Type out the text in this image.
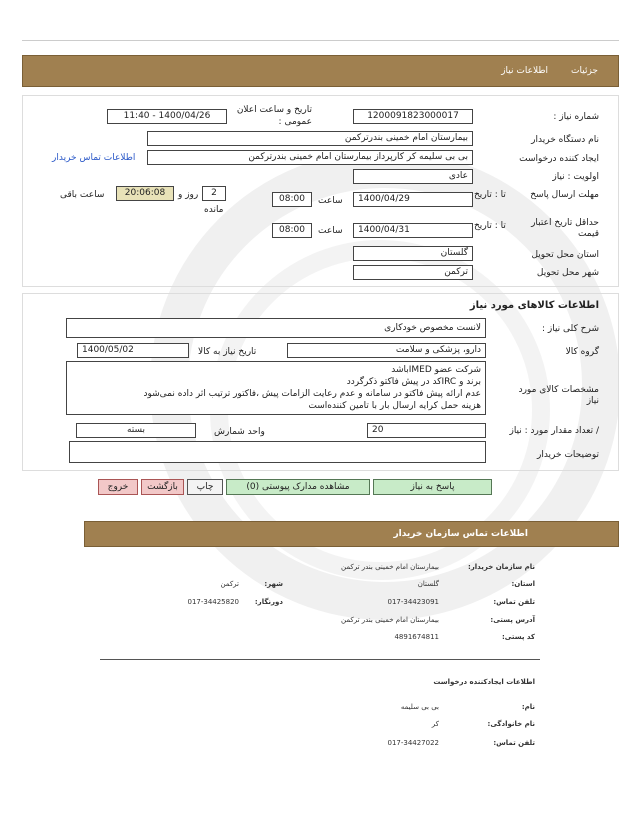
جزئیات
اطلاعات نیاز
شماره نیاز :
1200091823000017
تاریخ و ساعت اعلان عمومی :
1400/04/26 - 11:40
نام دستگاه خریدار
بیمارستان امام خمینی بندرترکمن
ایجاد کننده درخواست
بی بی سلیمه کر کارپرداز بیمارستان امام خمینی بندرترکمن
اطلاعات تماس خریدار
اولویت : نیاز
عادی
مهلت ارسال پاسخ
تا : تاریخ
1400/04/29
ساعت
08:00
2
روز و
20:06:08
ساعت باقی
مانده
حداقل تاریخ اعتبار قیمت
تا : تاریخ
1400/04/31
ساعت
08:00
استان محل تحویل
گلستان
شهر محل تحویل
ترکمن
اطلاعات کالاهای مورد نیاز
شرح کلی نیاز :
لانست مخصوص خودکاری
گروه کالا
دارو، پزشکی و سلامت
تاریخ نیاز به کالا
1400/05/02
مشخصات کالای مورد نیاز
شرکت عضو IMEDباشد
برند و IRCکد در پیش فاکتو ذکرگردد
عدم ارائه پیش فاکتو در سامانه و عدم رعایت الزامات پیش ،فاکتور ترتیب اثر داده نمی‌شود
هزینه حمل کرایه ارسال بار با تامین کننده‌است
/ تعداد مقدار مورد : نیاز
20
واحد شمارش
بسته
توضیحات خریدار
پاسخ به نیاز
مشاهده مدارک پیوستی (0)
چاپ
بازگشت
خروج
اطلاعات تماس سازمان خریدار
نام سازمان خریدار:
بیمارستان امام خمینی بندر ترکمن
استان:
گلستان
شهر:
ترکمن
تلفن تماس:
017-34423091
دورنگار:
017-34425820
آدرس پستی:
بیمارستان امام خمینی بندر ترکمن
کد پستی:
4891674811
اطلاعات ایجادکننده درخواست
نام:
بی بی سلیمه
نام خانوادگی:
کر
تلفن تماس:
017-34427022
